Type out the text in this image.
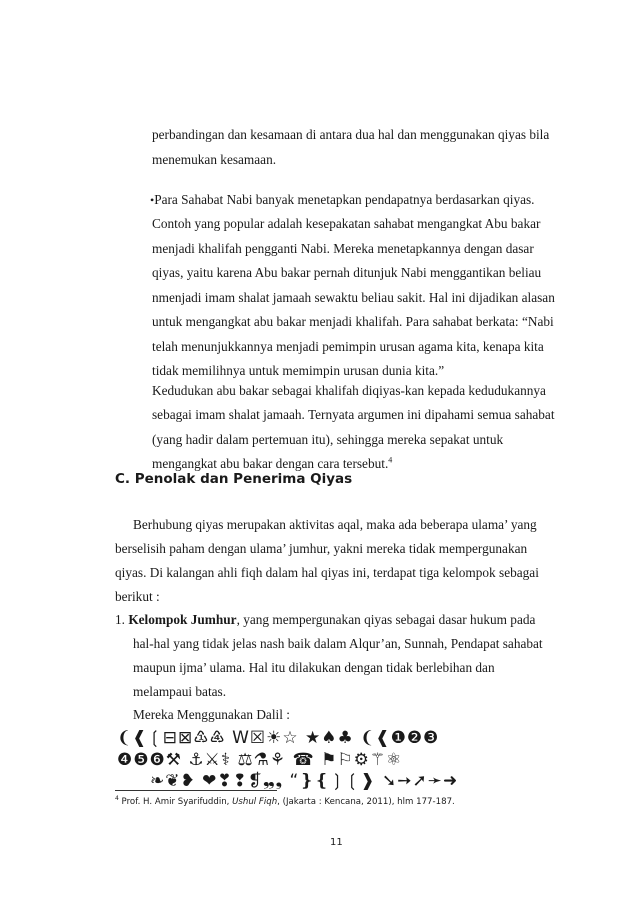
perbandingan dan kesamaan di antara dua hal dan menggunakan qiyas bila
menemukan kesamaan.
•Para Sahabat Nabi banyak menetapkan pendapatnya berdasarkan qiyas.
Contoh yang popular adalah kesepakatan sahabat mengangkat Abu bakar
menjadi khalifah pengganti Nabi. Mereka menetapkannya dengan dasar
qiyas, yaitu karena Abu bakar pernah ditunjuk Nabi menggantikan beliau
nmenjadi imam shalat jamaah sewaktu beliau sakit. Hal ini dijadikan alasan
untuk mengangkat abu bakar menjadi khalifah. Para sahabat berkata: “Nabi
telah menunjukkannya menjadi pemimpin urusan agama kita, kenapa kita
tidak memilihnya untuk memimpin urusan dunia kita.”
Kedudukan abu bakar sebagai khalifah diqiyas-kan kepada kedudukannya
sebagai imam shalat jamaah. Ternyata argumen ini dipahami semua sahabat
(yang hadir dalam pertemuan itu), sehingga mereka sepakat untuk
mengangkat abu bakar dengan cara tersebut.$^4$
C. Penolak dan Penerima Qiyas
Berhubung qiyas merupakan aktivitas aqal, maka ada beberapa ulama’ yang
berselisih paham dengan ulama’ jumhur, yakni mereka tidak mempergunakan
qiyas. Di kalangan ahli fiqh dalam hal qiyas ini, terdapat tiga kelompok sebagai
berikut :
1. Kelompok Jumhur, yang mempergunakan qiyas sebagai dasar hukum pada
hal-hal yang tidak jelas nash baik dalam Alqur’an, Sunnah, Pendapat sahabat
maupun ijma’ ulama. Hal itu dilakukan dengan tidak berlebihan dan
melampaui batas.
Mereka Menggunakan Dalil :
❨❰❲⊟⊠♳♶ W☒☀☆ ★♠♣ ❨❰❶❷❸
❹❺❻⚒ ⚓⚔⚕ ⚖⚗⚘ ☎ ⚑⚐⚙⚚⚛
❧❦❥ ❤❣❢❡❠❟ “❵❴❳❲❱ ➘➙➚➛➜
$^4$ Prof. H. Amir Syarifuddin, Ushul Fiqh, (Jakarta : Kencana, 2011), hlm 177-187.
11
